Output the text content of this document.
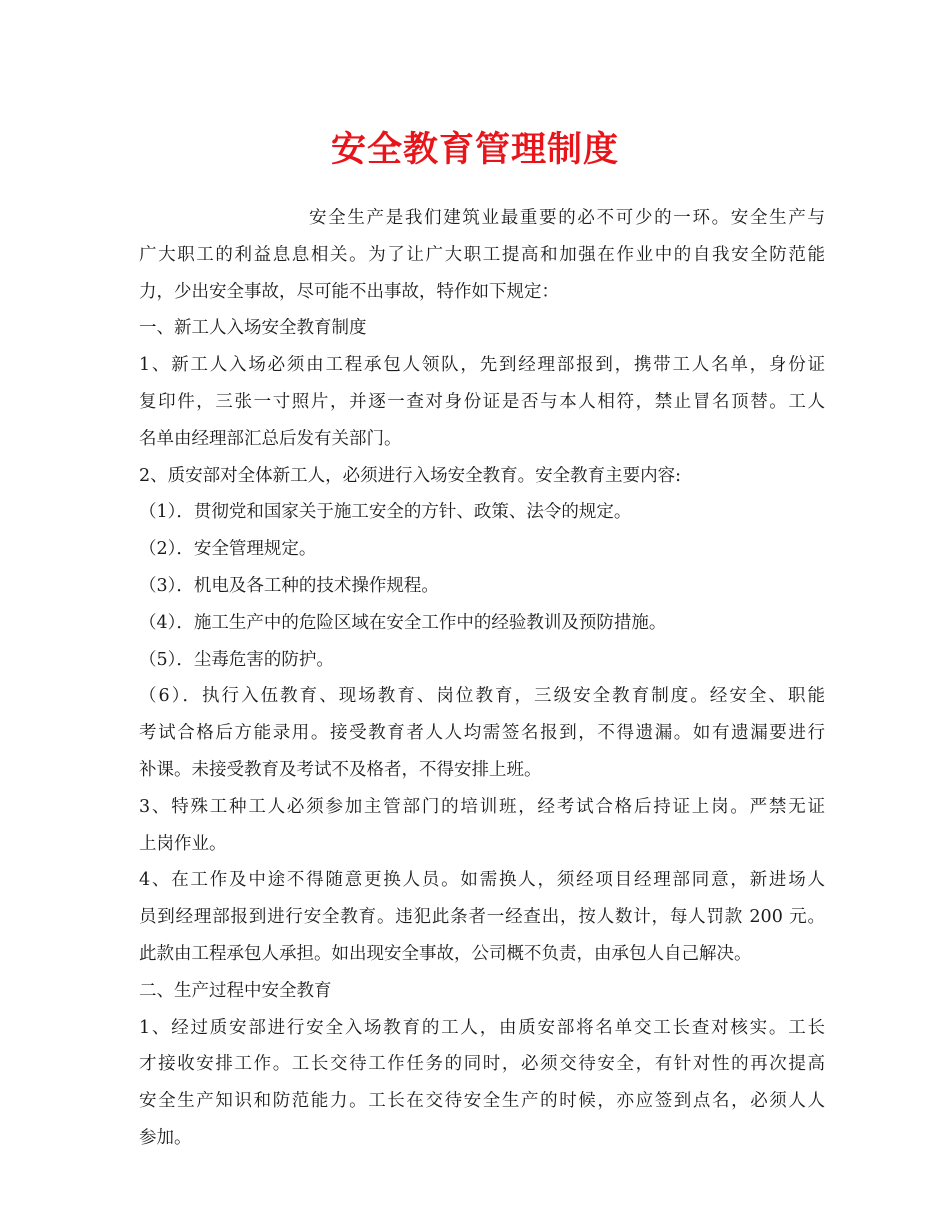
安全教育管理制度
安全生产是我们建筑业最重要的必不可少的一环。安全生产与
广大职工的利益息息相关。为了让广大职工提高和加强在作业中的自我安全防范能
力，少出安全事故，尽可能不出事故，特作如下规定：
一、新工人入场安全教育制度
1、新工人入场必须由工程承包人领队，先到经理部报到，携带工人名单，身份证
复印件，三张一寸照片，并逐一查对身份证是否与本人相符，禁止冒名顶替。工人
名单由经理部汇总后发有关部门。
2、质安部对全体新工人，必须进行入场安全教育。安全教育主要内容:
（1）．贯彻党和国家关于施工安全的方针、政策、法令的规定。
（2）．安全管理规定。
（3）．机电及各工种的技术操作规程。
（4）．施工生产中的危险区域在安全工作中的经验教训及预防措施。
（5）．尘毒危害的防护。
（6）．执行入伍教育、现场教育、岗位教育，三级安全教育制度。经安全、职能
考试合格后方能录用。接受教育者人人均需签名报到，不得遗漏。如有遗漏要进行
补课。未接受教育及考试不及格者，不得安排上班。
3、特殊工种工人必须参加主管部门的培训班，经考试合格后持证上岗。严禁无证
上岗作业。
4、在工作及中途不得随意更换人员。如需换人，须经项目经理部同意，新进场人
员到经理部报到进行安全教育。违犯此条者一经查出，按人数计，每人罚款 200 元。
此款由工程承包人承担。如出现安全事故，公司概不负责，由承包人自己解决。
二、生产过程中安全教育
1、经过质安部进行安全入场教育的工人，由质安部将名单交工长查对核实。工长
才接收安排工作。工长交待工作任务的同时，必须交待安全，有针对性的再次提高
安全生产知识和防范能力。工长在交待安全生产的时候，亦应签到点名，必须人人
参加。
